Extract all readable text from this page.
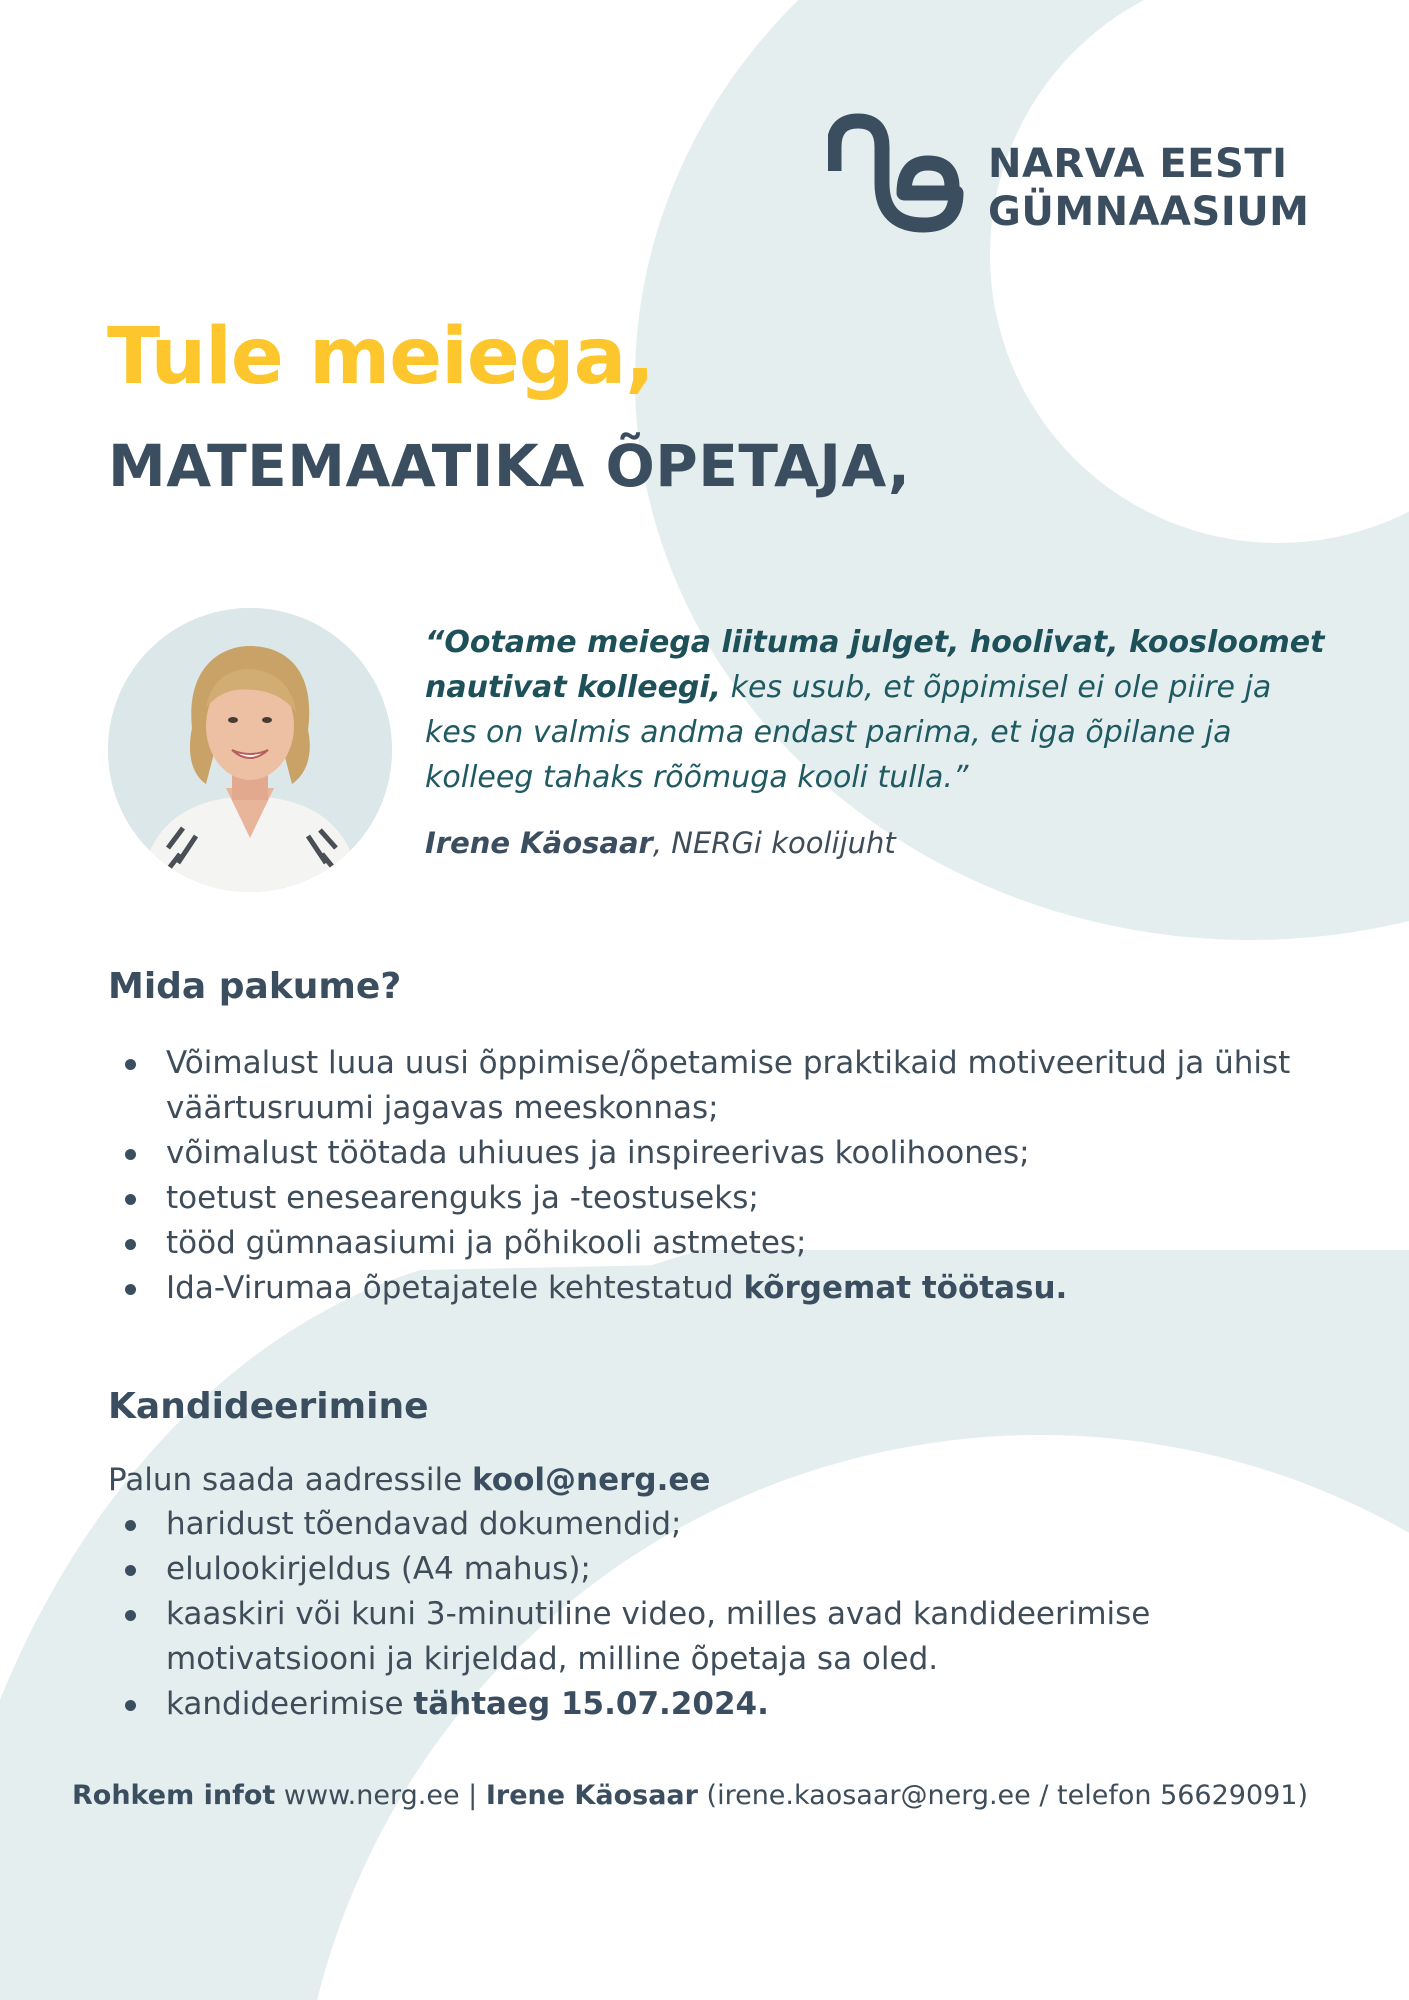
NARVA EESTI
GÜMNAASIUM
Tule meiega,
MATEMAATIKA ÕPETAJA,
“Ootame meiega liituma julget, hoolivat, koosloomet nautivat kolleegi, kes usub, et õppimisel ei ole piire ja kes on valmis andma endast parima, et iga õpilane ja kolleeg tahaks rõõmuga kooli tulla.”
Irene Käosaar, NERGi koolijuht
Mida pakume?
Võimalust luua uusi õppimise/õpetamise praktikaid motiveeritud ja ühist väärtusruumi jagavas meeskonnas;
võimalust töötada uhiuues ja inspireerivas koolihoones;
toetust enesearenguks ja -teostuseks;
tööd gümnaasiumi ja põhikooli astmetes;
Ida-Virumaa õpetajatele kehtestatud kõrgemat töötasu.
Kandideerimine
Palun saada aadressile kool@nerg.ee
haridust tõendavad dokumendid;
elulookirjeldus (A4 mahus);
kaaskiri või kuni 3-minutiline video, milles avad kandideerimise motivatsiooni ja kirjeldad, milline õpetaja sa oled.
kandideerimise tähtaeg 15.07.2024.
Rohkem infot www.nerg.ee | Irene Käosaar (irene.kaosaar@nerg.ee / telefon 56629091)
